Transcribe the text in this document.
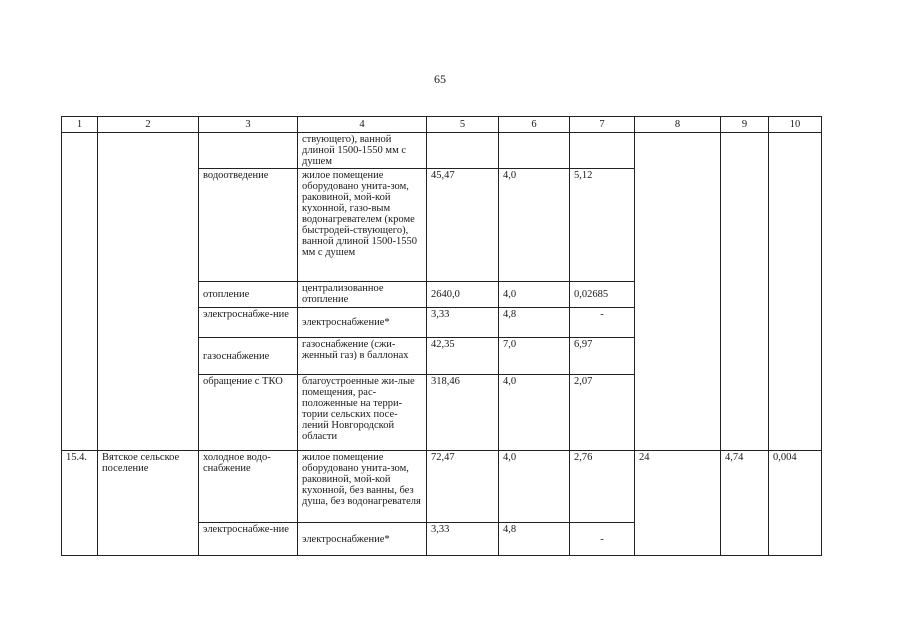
65
1	2	3	4	5	6	7	8	9	10
			ствующего), ванной длиной 1500-1550 мм с душем						
		водоотведение	жилое помещение оборудовано унита-зом, раковиной, мой-кой кухонной, газо-вым водонагревателем (кроме быстродей-ствующего), ванной длиной 1500-1550 мм с душем	45,47	4,0	5,12			
		отопление	централизованное отопление	2640,0	4,0	0,02685			
		электроснабже-ние	электроснабжение*	3,33	4,8	-			
		газоснабжение	газоснабжение (сжи-женный газ) в баллонах	42,35	7,0	6,97			
		обращение с ТКО	благоустроенные жи-лые помещения, рас-положенные на терри-тории сельских посе-лений Новгородской области	318,46	4,0	2,07			
15.4.	Вятское сельское поселение	холодное водо-снабжение	жилое помещение оборудовано унита-зом, раковиной, мой-кой кухонной, без ванны, без душа, без водонагревателя	72,47	4,0	2,76	24	4,74	0,004
		электроснабже-ние	электроснабжение*	3,33	4,8	-			
